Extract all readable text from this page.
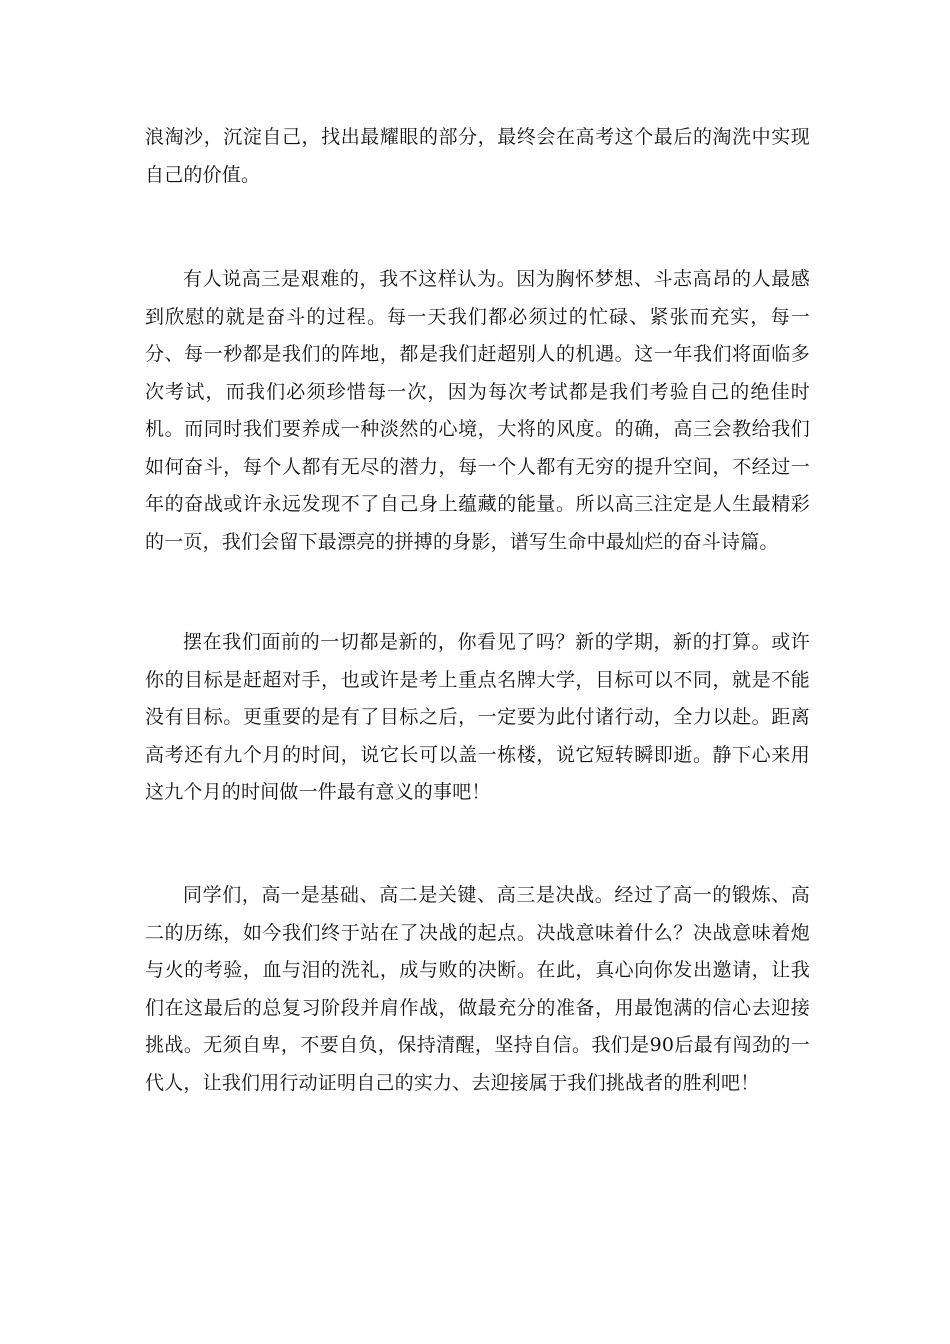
浪淘沙，沉淀自己，找出最耀眼的部分，最终会在高考这个最后的淘洗中实现自己的价值。

有人说高三是艰难的，我不这样认为。因为胸怀梦想、斗志高昂的人最感到欣慰的就是奋斗的过程。每一天我们都必须过的忙碌、紧张而充实，每一分、每一秒都是我们的阵地，都是我们赶超别人的机遇。这一年我们将面临多次考试，而我们必须珍惜每一次，因为每次考试都是我们考验自己的绝佳时机。而同时我们要养成一种淡然的心境，大将的风度。的确，高三会教给我们如何奋斗，每个人都有无尽的潜力，每一个人都有无穷的提升空间，不经过一年的奋战或许永远发现不了自己身上蕴藏的能量。所以高三注定是人生最精彩的一页，我们会留下最漂亮的拼搏的身影，谱写生命中最灿烂的奋斗诗篇。

摆在我们面前的一切都是新的，你看见了吗？新的学期，新的打算。或许你的目标是赶超对手，也或许是考上重点名牌大学，目标可以不同，就是不能没有目标。更重要的是有了目标之后，一定要为此付诸行动，全力以赴。距离高考还有九个月的时间，说它长可以盖一栋楼，说它短转瞬即逝。静下心来用这九个月的时间做一件最有意义的事吧！

同学们，高一是基础、高二是关键、高三是决战。经过了高一的锻炼、高二的历练，如今我们终于站在了决战的起点。决战意味着什么？决战意味着炮与火的考验，血与泪的洗礼，成与败的决断。在此，真心向你发出邀请，让我们在这最后的总复习阶段并肩作战，做最充分的准备，用最饱满的信心去迎接挑战。无须自卑，不要自负，保持清醒，坚持自信。我们是90后最有闯劲的一代人，让我们用行动证明自己的实力、去迎接属于我们挑战者的胜利吧！
